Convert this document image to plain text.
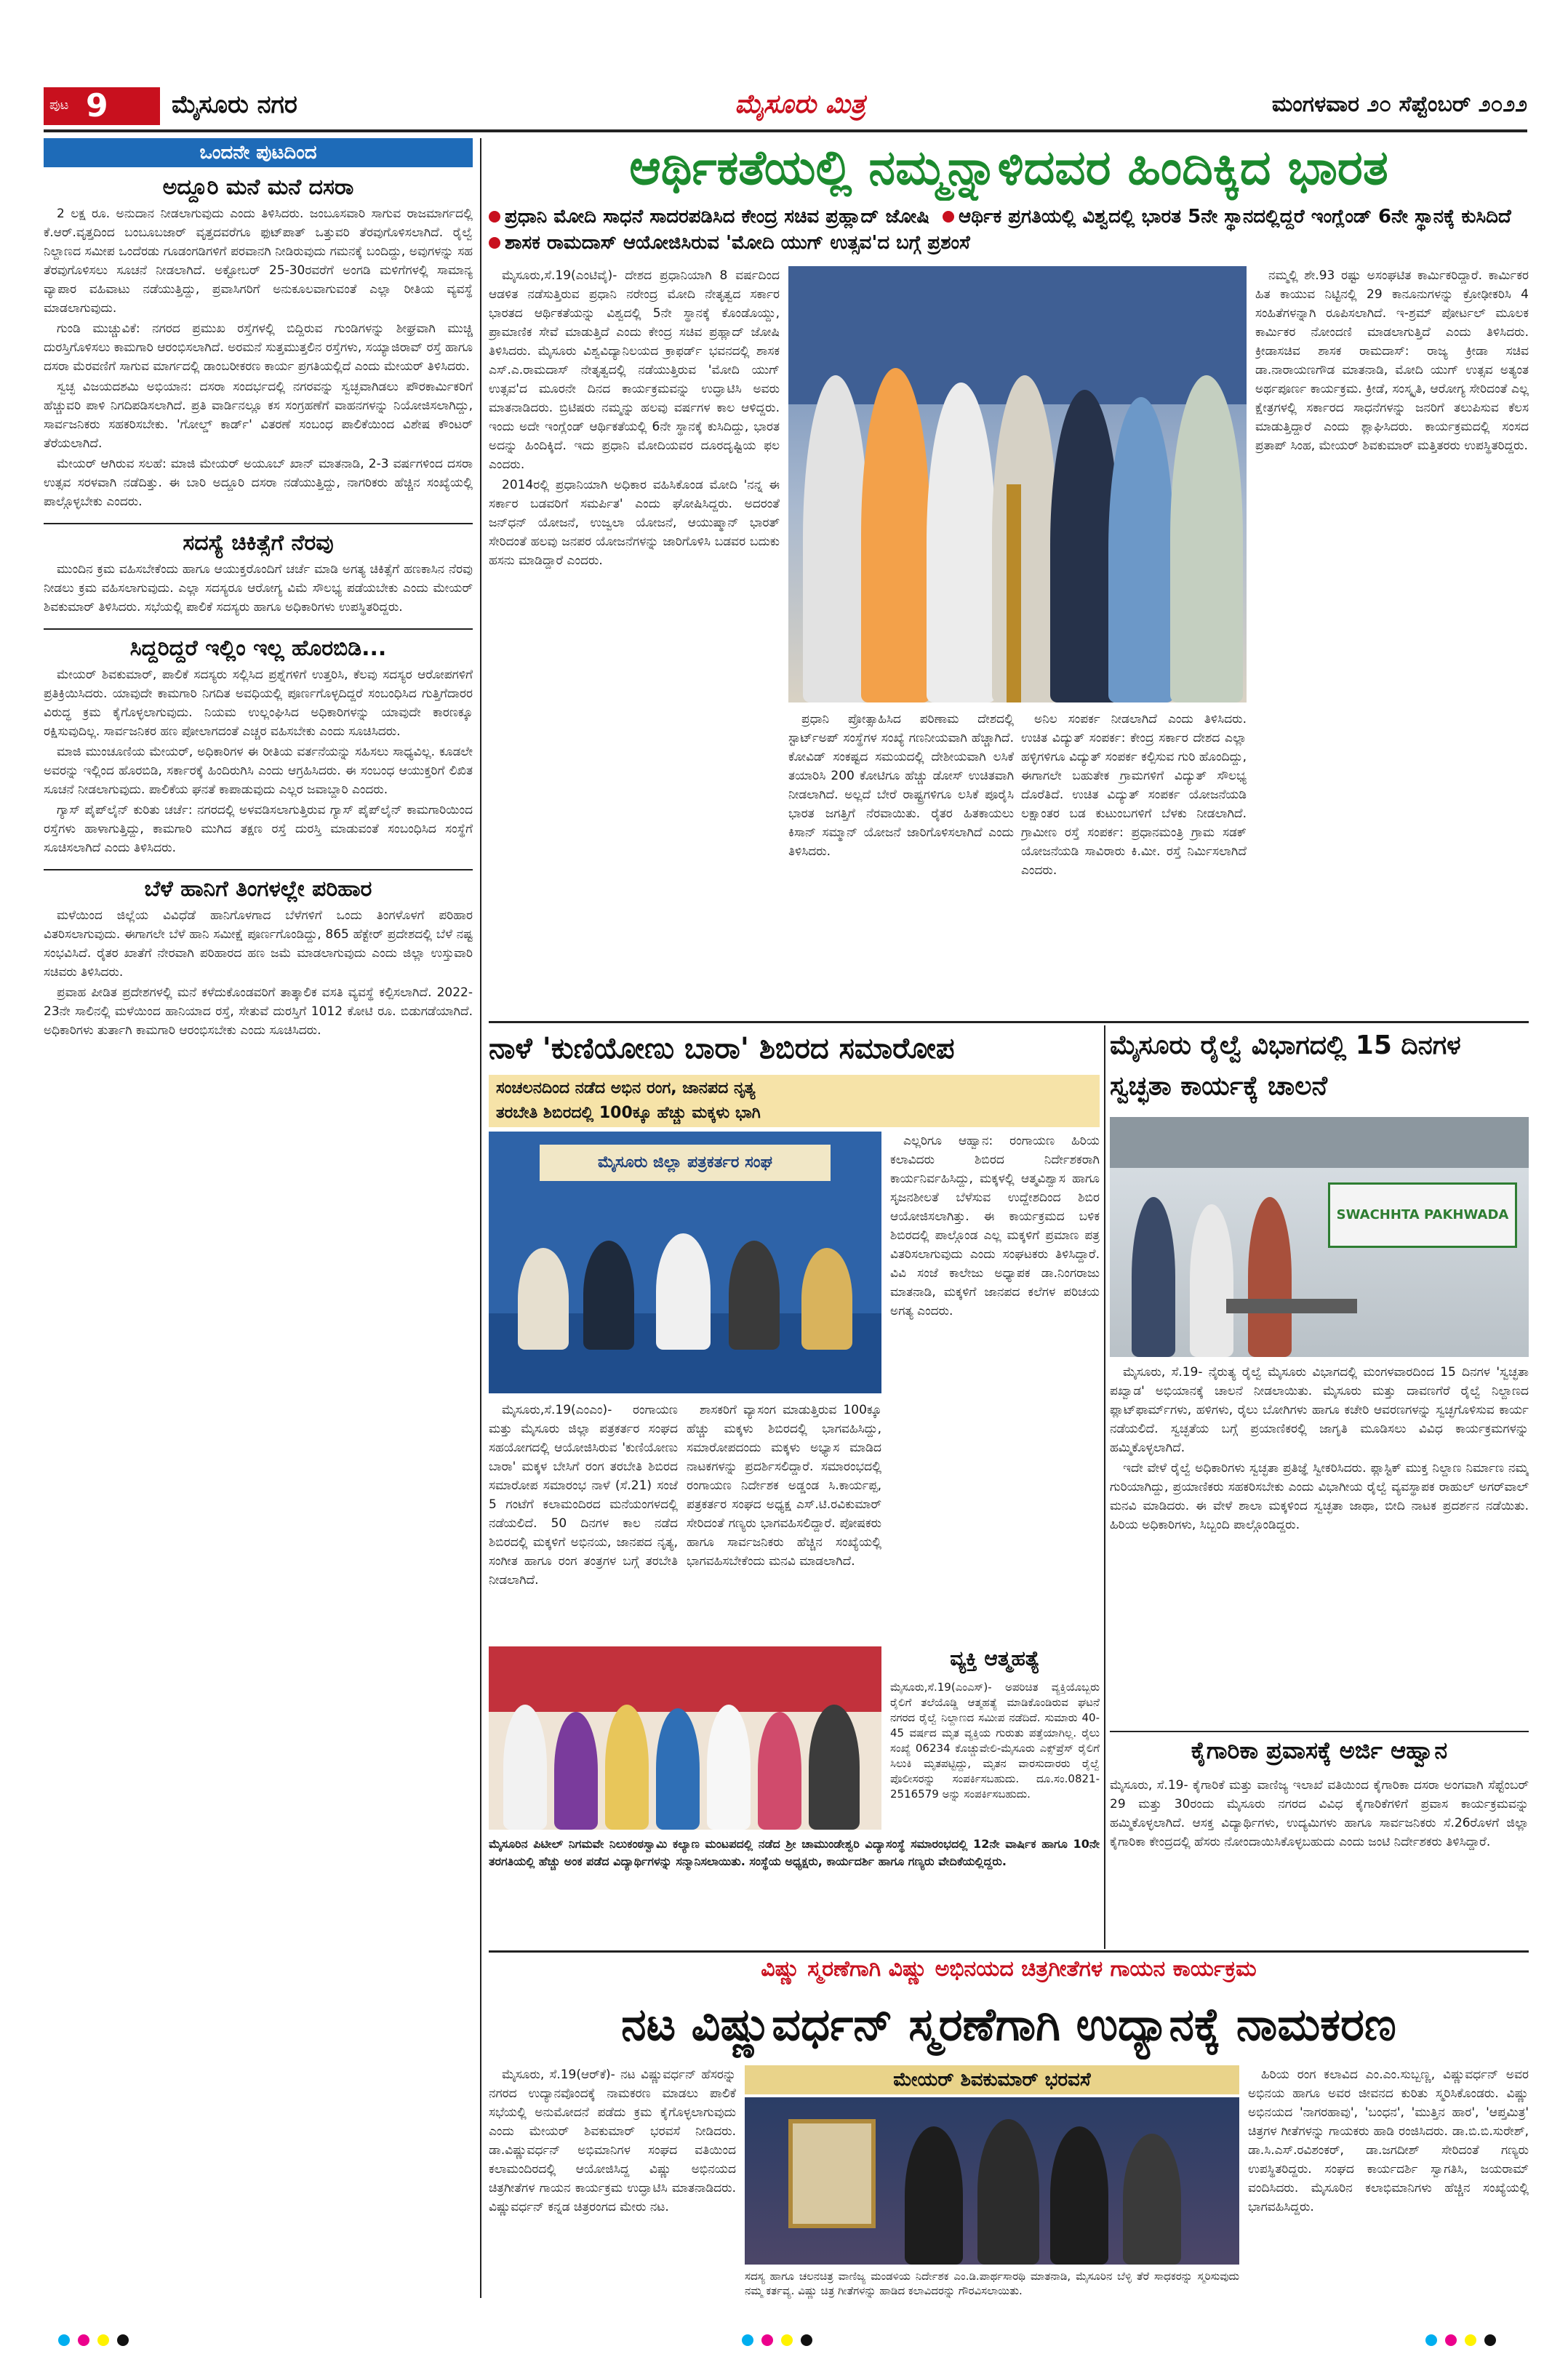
ಪುಟ 9	ಮೈಸೂರು ನಗರ	ಮೈಸೂರು ಮಿತ್ರ	ಮಂಗಳವಾರ ೨೦ ಸೆಪ್ಟೆಂಬರ್ ೨೦೨೨
ಒಂದನೇ ಪುಟದಿಂದ
ಅದ್ದೂರಿ ಮನೆ ಮನೆ ದಸರಾ

2 ಲಕ್ಷ ರೂ. ಅನುದಾನ ನೀಡಲಾಗುವುದು ಎಂದು ತಿಳಿಸಿದರು. ಜಂಬೂಸವಾರಿ ಸಾಗುವ ರಾಜಮಾರ್ಗದಲ್ಲಿ ಕೆ.ಆರ್.ವೃತ್ತದಿಂದ ಬಂಬೂಬಜಾರ್ ವೃತ್ತದವರೆಗೂ ಫುಟ್‌ಪಾತ್ ಒತ್ತುವರಿ ತೆರವುಗೊಳಿಸಲಾಗಿದೆ. ರೈಲ್ವೆ ನಿಲ್ದಾಣದ ಸಮೀಪ ಒಂದೆರಡು ಗೂಡಂಗಡಿಗಳಿಗೆ ಪರವಾನಗಿ ನೀಡಿರುವುದು ಗಮನಕ್ಕೆ ಬಂದಿದ್ದು, ಅವುಗಳನ್ನು ಸಹ ತೆರವುಗೊಳಿಸಲು ಸೂಚನೆ ನೀಡಲಾಗಿದೆ. ಅಕ್ಟೋಬರ್ 25-30ರವರೆಗೆ ಅಂಗಡಿ ಮಳಿಗೆಗಳಲ್ಲಿ ಸಾಮಾನ್ಯ ವ್ಯಾಪಾರ ವಹಿವಾಟು ನಡೆಯುತ್ತಿದ್ದು, ಪ್ರವಾಸಿಗರಿಗೆ ಅನುಕೂಲವಾಗುವಂತೆ ಎಲ್ಲಾ ರೀತಿಯ ವ್ಯವಸ್ಥೆ ಮಾಡಲಾಗುವುದು.

ಗುಂಡಿ ಮುಚ್ಚುವಿಕೆ: ನಗರದ ಪ್ರಮುಖ ರಸ್ತೆಗಳಲ್ಲಿ ಬಿದ್ದಿರುವ ಗುಂಡಿಗಳನ್ನು ಶೀಘ್ರವಾಗಿ ಮುಚ್ಚಿ ದುರಸ್ತಿಗೊಳಿಸಲು ಕಾಮಗಾರಿ ಆರಂಭಿಸಲಾಗಿದೆ. ಅರಮನೆ ಸುತ್ತಮುತ್ತಲಿನ ರಸ್ತೆಗಳು, ಸಯ್ಯಾಜಿರಾವ್ ರಸ್ತೆ ಹಾಗೂ ದಸರಾ ಮೆರವಣಿಗೆ ಸಾಗುವ ಮಾರ್ಗದಲ್ಲಿ ಡಾಂಬರೀಕರಣ ಕಾರ್ಯ ಪ್ರಗತಿಯಲ್ಲಿದೆ ಎಂದು ಮೇಯರ್ ತಿಳಿಸಿದರು.

ಸ್ವಚ್ಛ ವಿಜಯದಶಮಿ ಅಭಿಯಾನ: ದಸರಾ ಸಂದರ್ಭದಲ್ಲಿ ನಗರವನ್ನು ಸ್ವಚ್ಛವಾಗಿಡಲು ಪೌರಕಾರ್ಮಿಕರಿಗೆ ಹೆಚ್ಚುವರಿ ಪಾಳಿ ನಿಗದಿಪಡಿಸಲಾಗಿದೆ. ಪ್ರತಿ ವಾರ್ಡಿನಲ್ಲೂ ಕಸ ಸಂಗ್ರಹಣೆಗೆ ವಾಹನಗಳನ್ನು ನಿಯೋಜಿಸಲಾಗಿದ್ದು, ಸಾರ್ವಜನಿಕರು ಸಹಕರಿಸಬೇಕು. 'ಗೋಲ್ಡ್ ಕಾರ್ಡ್' ವಿತರಣೆ ಸಂಬಂಧ ಪಾಲಿಕೆಯಿಂದ ವಿಶೇಷ ಕೌಂಟರ್ ತೆರೆಯಲಾಗಿದೆ.

ಮೇಯರ್ ಆಗಿರುವ ಸಲಹೆ: ಮಾಜಿ ಮೇಯರ್ ಅಯೂಬ್ ಖಾನ್ ಮಾತನಾಡಿ, 2-3 ವರ್ಷಗಳಿಂದ ದಸರಾ ಉತ್ಸವ ಸರಳವಾಗಿ ನಡೆದಿತ್ತು. ಈ ಬಾರಿ ಅದ್ದೂರಿ ದಸರಾ ನಡೆಯುತ್ತಿದ್ದು, ನಾಗರಿಕರು ಹೆಚ್ಚಿನ ಸಂಖ್ಯೆಯಲ್ಲಿ ಪಾಲ್ಗೊಳ್ಳಬೇಕು ಎಂದರು.

ಸದಸ್ಯೆ ಚಿಕಿತ್ಸೆಗೆ ನೆರವು

ಮುಂದಿನ ಕ್ರಮ ವಹಿಸಬೇಕೆಂದು ಹಾಗೂ ಆಯುಕ್ತರೊಂದಿಗೆ ಚರ್ಚೆ ಮಾಡಿ ಅಗತ್ಯ ಚಿಕಿತ್ಸೆಗೆ ಹಣಕಾಸಿನ ನೆರವು ನೀಡಲು ಕ್ರಮ ವಹಿಸಲಾಗುವುದು. ಎಲ್ಲಾ ಸದಸ್ಯರೂ ಆರೋಗ್ಯ ವಿಮೆ ಸೌಲಭ್ಯ ಪಡೆಯಬೇಕು ಎಂದು ಮೇಯರ್ ಶಿವಕುಮಾರ್ ತಿಳಿಸಿದರು. ಸಭೆಯಲ್ಲಿ ಪಾಲಿಕೆ ಸದಸ್ಯರು ಹಾಗೂ ಅಧಿಕಾರಿಗಳು ಉಪಸ್ಥಿತರಿದ್ದರು.

ಸಿದ್ದರಿದ್ದರೆ ಇಲ್ಲಿಂ ಇಲ್ಲ ಹೊರಬಿಡಿ...

ಮೇಯರ್ ಶಿವಕುಮಾರ್, ಪಾಲಿಕೆ ಸದಸ್ಯರು ಸಲ್ಲಿಸಿದ ಪ್ರಶ್ನೆಗಳಿಗೆ ಉತ್ತರಿಸಿ, ಕೆಲವು ಸದಸ್ಯರ ಆರೋಪಗಳಿಗೆ ಪ್ರತಿಕ್ರಿಯಿಸಿದರು. ಯಾವುದೇ ಕಾಮಗಾರಿ ನಿಗದಿತ ಅವಧಿಯಲ್ಲಿ ಪೂರ್ಣಗೊಳ್ಳದಿದ್ದರೆ ಸಂಬಂಧಿಸಿದ ಗುತ್ತಿಗೆದಾರರ ವಿರುದ್ಧ ಕ್ರಮ ಕೈಗೊಳ್ಳಲಾಗುವುದು. ನಿಯಮ ಉಲ್ಲಂಘಿಸಿದ ಅಧಿಕಾರಿಗಳನ್ನು ಯಾವುದೇ ಕಾರಣಕ್ಕೂ ರಕ್ಷಿಸುವುದಿಲ್ಲ. ಸಾರ್ವಜನಿಕರ ಹಣ ಪೋಲಾಗದಂತೆ ಎಚ್ಚರ ವಹಿಸಬೇಕು ಎಂದು ಸೂಚಿಸಿದರು.

ಮಾಜಿ ಮುಂಚೂಣಿಯ ಮೇಯರ್, ಅಧಿಕಾರಿಗಳ ಈ ರೀತಿಯ ವರ್ತನೆಯನ್ನು ಸಹಿಸಲು ಸಾಧ್ಯವಿಲ್ಲ. ಕೂಡಲೇ ಅವರನ್ನು ಇಲ್ಲಿಂದ ಹೊರಬಿಡಿ, ಸರ್ಕಾರಕ್ಕೆ ಹಿಂದಿರುಗಿಸಿ ಎಂದು ಆಗ್ರಹಿಸಿದರು. ಈ ಸಂಬಂಧ ಆಯುಕ್ತರಿಗೆ ಲಿಖಿತ ಸೂಚನೆ ನೀಡಲಾಗುವುದು. ಪಾಲಿಕೆಯ ಘನತೆ ಕಾಪಾಡುವುದು ಎಲ್ಲರ ಜವಾಬ್ದಾರಿ ಎಂದರು.

ಗ್ಯಾಸ್ ಪೈಪ್‌ಲೈನ್ ಕುರಿತು ಚರ್ಚೆ: ನಗರದಲ್ಲಿ ಅಳವಡಿಸಲಾಗುತ್ತಿರುವ ಗ್ಯಾಸ್ ಪೈಪ್‌ಲೈನ್ ಕಾಮಗಾರಿಯಿಂದ ರಸ್ತೆಗಳು ಹಾಳಾಗುತ್ತಿದ್ದು, ಕಾಮಗಾರಿ ಮುಗಿದ ತಕ್ಷಣ ರಸ್ತೆ ದುರಸ್ತಿ ಮಾಡುವಂತೆ ಸಂಬಂಧಿಸಿದ ಸಂಸ್ಥೆಗೆ ಸೂಚಿಸಲಾಗಿದೆ ಎಂದು ತಿಳಿಸಿದರು.

ಬೆಳೆ ಹಾನಿಗೆ ತಿಂಗಳಲ್ಲೇ ಪರಿಹಾರ

ಮಳೆಯಿಂದ ಜಿಲ್ಲೆಯ ವಿವಿಧೆಡೆ ಹಾನಿಗೊಳಗಾದ ಬೆಳೆಗಳಿಗೆ ಒಂದು ತಿಂಗಳೊಳಗೆ ಪರಿಹಾರ ವಿತರಿಸಲಾಗುವುದು. ಈಗಾಗಲೇ ಬೆಳೆ ಹಾನಿ ಸಮೀಕ್ಷೆ ಪೂರ್ಣಗೊಂಡಿದ್ದು, 865 ಹೆಕ್ಟೇರ್ ಪ್ರದೇಶದಲ್ಲಿ ಬೆಳೆ ನಷ್ಟ ಸಂಭವಿಸಿದೆ. ರೈತರ ಖಾತೆಗೆ ನೇರವಾಗಿ ಪರಿಹಾರದ ಹಣ ಜಮೆ ಮಾಡಲಾಗುವುದು ಎಂದು ಜಿಲ್ಲಾ ಉಸ್ತುವಾರಿ ಸಚಿವರು ತಿಳಿಸಿದರು.

ಪ್ರವಾಹ ಪೀಡಿತ ಪ್ರದೇಶಗಳಲ್ಲಿ ಮನೆ ಕಳೆದುಕೊಂಡವರಿಗೆ ತಾತ್ಕಾಲಿಕ ವಸತಿ ವ್ಯವಸ್ಥೆ ಕಲ್ಪಿಸಲಾಗಿದೆ. 2022-23ನೇ ಸಾಲಿನಲ್ಲಿ ಮಳೆಯಿಂದ ಹಾನಿಯಾದ ರಸ್ತೆ, ಸೇತುವೆ ದುರಸ್ತಿಗೆ 1012 ಕೋಟಿ ರೂ. ಬಿಡುಗಡೆಯಾಗಿದೆ. ಅಧಿಕಾರಿಗಳು ತುರ್ತಾಗಿ ಕಾಮಗಾರಿ ಆರಂಭಿಸಬೇಕು ಎಂದು ಸೂಚಿಸಿದರು.

ಆರ್ಥಿಕತೆಯಲ್ಲಿ ನಮ್ಮನ್ನಾಳಿದವರ ಹಿಂದಿಕ್ಕಿದ ಭಾರತ
ಪ್ರಧಾನಿ ಮೋದಿ ಸಾಧನೆ ಸಾದರಪಡಿಸಿದ ಕೇಂದ್ರ ಸಚಿವ ಪ್ರಹ್ಲಾದ್ ಜೋಷಿ ಆರ್ಥಿಕ ಪ್ರಗತಿಯಲ್ಲಿ ವಿಶ್ವದಲ್ಲಿ ಭಾರತ 5ನೇ ಸ್ಥಾನದಲ್ಲಿದ್ದರೆ ಇಂಗ್ಲೆಂಡ್ 6ನೇ ಸ್ಥಾನಕ್ಕೆ ಕುಸಿದಿದೆ  ಶಾಸಕ ರಾಮದಾಸ್ ಆಯೋಜಿಸಿರುವ 'ಮೋದಿ ಯುಗ್ ಉತ್ಸವ'ದ ಬಗ್ಗೆ ಪ್ರಶಂಸೆ

ಮೈಸೂರು,ಸೆ.19(ಎಂಟಿವೈ)- ದೇಶದ ಪ್ರಧಾನಿಯಾಗಿ 8 ವರ್ಷದಿಂದ ಆಡಳಿತ ನಡೆಸುತ್ತಿರುವ ಪ್ರಧಾನಿ ನರೇಂದ್ರ ಮೋದಿ ನೇತೃತ್ವದ ಸರ್ಕಾರ ಭಾರತದ ಆರ್ಥಿಕತೆಯನ್ನು ವಿಶ್ವದಲ್ಲಿ 5ನೇ ಸ್ಥಾನಕ್ಕೆ ಕೊಂಡೊಯ್ದು, ಪ್ರಾಮಾಣಿಕ ಸೇವೆ ಮಾಡುತ್ತಿದೆ ಎಂದು ಕೇಂದ್ರ ಸಚಿವ ಪ್ರಹ್ಲಾದ್ ಜೋಷಿ ತಿಳಿಸಿದರು. ಮೈಸೂರು ವಿಶ್ವವಿದ್ಯಾನಿಲಯದ ಕ್ರಾಫರ್ಡ್ ಭವನದಲ್ಲಿ ಶಾಸಕ ಎಸ್.ಎ.ರಾಮದಾಸ್ ನೇತೃತ್ವದಲ್ಲಿ ನಡೆಯುತ್ತಿರುವ 'ಮೋದಿ ಯುಗ್ ಉತ್ಸವ'ದ ಮೂರನೇ ದಿನದ ಕಾರ್ಯಕ್ರಮವನ್ನು ಉದ್ಘಾಟಿಸಿ ಅವರು ಮಾತನಾಡಿದರು. ಬ್ರಿಟಿಷರು ನಮ್ಮನ್ನು ಹಲವು ವರ್ಷಗಳ ಕಾಲ ಆಳಿದ್ದರು. ಇಂದು ಅದೇ ಇಂಗ್ಲೆಂಡ್ ಆರ್ಥಿಕತೆಯಲ್ಲಿ 6ನೇ ಸ್ಥಾನಕ್ಕೆ ಕುಸಿದಿದ್ದು, ಭಾರತ ಅದನ್ನು ಹಿಂದಿಕ್ಕಿದೆ. ಇದು ಪ್ರಧಾನಿ ಮೋದಿಯವರ ದೂರದೃಷ್ಟಿಯ ಫಲ ಎಂದರು.

2014ರಲ್ಲಿ ಪ್ರಧಾನಿಯಾಗಿ ಅಧಿಕಾರ ವಹಿಸಿಕೊಂಡ ಮೋದಿ 'ನನ್ನ ಈ ಸರ್ಕಾರ ಬಡವರಿಗೆ ಸಮರ್ಪಿತ' ಎಂದು ಘೋಷಿಸಿದ್ದರು. ಅದರಂತೆ ಜನ್‌ಧನ್ ಯೋಜನೆ, ಉಜ್ವಲಾ ಯೋಜನೆ, ಆಯುಷ್ಮಾನ್ ಭಾರತ್ ಸೇರಿದಂತೆ ಹಲವು ಜನಪರ ಯೋಜನೆಗಳನ್ನು ಜಾರಿಗೊಳಿಸಿ ಬಡವರ ಬದುಕು ಹಸನು ಮಾಡಿದ್ದಾರೆ ಎಂದರು.

ಪ್ರಧಾನಿ ಪ್ರೋತ್ಸಾಹಿಸಿದ ಪರಿಣಾಮ ದೇಶದಲ್ಲಿ ಸ್ಟಾರ್ಟ್‌ಅಪ್ ಸಂಸ್ಥೆಗಳ ಸಂಖ್ಯೆ ಗಣನೀಯವಾಗಿ ಹೆಚ್ಚಾಗಿದೆ. ಕೋವಿಡ್ ಸಂಕಷ್ಟದ ಸಮಯದಲ್ಲಿ ದೇಶೀಯವಾಗಿ ಲಸಿಕೆ ತಯಾರಿಸಿ 200 ಕೋಟಿಗೂ ಹೆಚ್ಚು ಡೋಸ್ ಉಚಿತವಾಗಿ ನೀಡಲಾಗಿದೆ. ಅಲ್ಲದೆ ಬೇರೆ ರಾಷ್ಟ್ರಗಳಿಗೂ ಲಸಿಕೆ ಪೂರೈಸಿ ಭಾರತ ಜಗತ್ತಿಗೆ ನೆರವಾಯಿತು. ರೈತರ ಹಿತಕಾಯಲು ಕಿಸಾನ್ ಸಮ್ಮಾನ್ ಯೋಜನೆ ಜಾರಿಗೊಳಿಸಲಾಗಿದೆ ಎಂದು ತಿಳಿಸಿದರು.

ಅನಿಲ ಸಂಪರ್ಕ ನೀಡಲಾಗಿದೆ ಎಂದು ತಿಳಿಸಿದರು. ಉಚಿತ ವಿದ್ಯುತ್ ಸಂಪರ್ಕ: ಕೇಂದ್ರ ಸರ್ಕಾರ ದೇಶದ ಎಲ್ಲಾ ಹಳ್ಳಿಗಳಿಗೂ ವಿದ್ಯುತ್ ಸಂಪರ್ಕ ಕಲ್ಪಿಸುವ ಗುರಿ ಹೊಂದಿದ್ದು, ಈಗಾಗಲೇ ಬಹುತೇಕ ಗ್ರಾಮಗಳಿಗೆ ವಿದ್ಯುತ್ ಸೌಲಭ್ಯ ದೊರೆತಿದೆ. ಉಚಿತ ವಿದ್ಯುತ್ ಸಂಪರ್ಕ ಯೋಜನೆಯಡಿ ಲಕ್ಷಾಂತರ ಬಡ ಕುಟುಂಬಗಳಿಗೆ ಬೆಳಕು ನೀಡಲಾಗಿದೆ. ಗ್ರಾಮೀಣ ರಸ್ತೆ ಸಂಪರ್ಕ: ಪ್ರಧಾನಮಂತ್ರಿ ಗ್ರಾಮ ಸಡಕ್ ಯೋಜನೆಯಡಿ ಸಾವಿರಾರು ಕಿ.ಮೀ. ರಸ್ತೆ ನಿರ್ಮಿಸಲಾಗಿದೆ ಎಂದರು.

ನಮ್ಮಲ್ಲಿ ಶೇ.93 ರಷ್ಟು ಅಸಂಘಟಿತ ಕಾರ್ಮಿಕರಿದ್ದಾರೆ. ಕಾರ್ಮಿಕರ ಹಿತ ಕಾಯುವ ನಿಟ್ಟಿನಲ್ಲಿ 29 ಕಾನೂನುಗಳನ್ನು ಕ್ರೋಢೀಕರಿಸಿ 4 ಸಂಹಿತೆಗಳನ್ನಾಗಿ ರೂಪಿಸಲಾಗಿದೆ. ಇ-ಶ್ರಮ್ ಪೋರ್ಟಲ್ ಮೂಲಕ ಕಾರ್ಮಿಕರ ನೋಂದಣಿ ಮಾಡಲಾಗುತ್ತಿದೆ ಎಂದು ತಿಳಿಸಿದರು. ಕ್ರೀಡಾಸಚಿವ ಶಾಸಕ ರಾಮದಾಸ್: ರಾಜ್ಯ ಕ್ರೀಡಾ ಸಚಿವ ಡಾ.ನಾರಾಯಣಗೌಡ ಮಾತನಾಡಿ, ಮೋದಿ ಯುಗ್ ಉತ್ಸವ ಅತ್ಯಂತ ಅರ್ಥಪೂರ್ಣ ಕಾರ್ಯಕ್ರಮ. ಕ್ರೀಡೆ, ಸಂಸ್ಕೃತಿ, ಆರೋಗ್ಯ ಸೇರಿದಂತೆ ಎಲ್ಲ ಕ್ಷೇತ್ರಗಳಲ್ಲಿ ಸರ್ಕಾರದ ಸಾಧನೆಗಳನ್ನು ಜನರಿಗೆ ತಲುಪಿಸುವ ಕೆಲಸ ಮಾಡುತ್ತಿದ್ದಾರೆ ಎಂದು ಶ್ಲಾಘಿಸಿದರು. ಕಾರ್ಯಕ್ರಮದಲ್ಲಿ ಸಂಸದ ಪ್ರತಾಪ್ ಸಿಂಹ, ಮೇಯರ್ ಶಿವಕುಮಾರ್ ಮತ್ತಿತರರು ಉಪಸ್ಥಿತರಿದ್ದರು.

ನಾಳೆ 'ಕುಣಿಯೋಣು ಬಾರಾ' ಶಿಬಿರದ ಸಮಾರೋಪ
ಸಂಚಲನದಿಂದ ನಡೆದ ಅಭಿನ ರಂಗ, ಜಾನಪದ ನೃತ್ಯ
ತರಬೇತಿ ಶಿಬಿರದಲ್ಲಿ 100ಕ್ಕೂ ಹೆಚ್ಚು ಮಕ್ಕಳು ಭಾಗಿ
ಮೈಸೂರು ಜಿಲ್ಲಾ ಪತ್ರಕರ್ತರ ಸಂಘ

ಮೈಸೂರು,ಸೆ.19(ಎಂಎಂ)- ರಂಗಾಯಣ ಮತ್ತು ಮೈಸೂರು ಜಿಲ್ಲಾ ಪತ್ರಕರ್ತರ ಸಂಘದ ಸಹಯೋಗದಲ್ಲಿ ಆಯೋಜಿಸಿರುವ 'ಕುಣಿಯೋಣು ಬಾರಾ' ಮಕ್ಕಳ ಬೇಸಿಗೆ ರಂಗ ತರಬೇತಿ ಶಿಬಿರದ ಸಮಾರೋಪ ಸಮಾರಂಭ ನಾಳೆ (ಸೆ.21) ಸಂಜೆ 5 ಗಂಟೆಗೆ ಕಲಾಮಂದಿರದ ಮನೆಯಂಗಳದಲ್ಲಿ ನಡೆಯಲಿದೆ. 50 ದಿನಗಳ ಕಾಲ ನಡೆದ ಶಿಬಿರದಲ್ಲಿ ಮಕ್ಕಳಿಗೆ ಅಭಿನಯ, ಜಾನಪದ ನೃತ್ಯ, ಸಂಗೀತ ಹಾಗೂ ರಂಗ ತಂತ್ರಗಳ ಬಗ್ಗೆ ತರಬೇತಿ ನೀಡಲಾಗಿದೆ.

ಶಾಸಕರಿಗೆ ವ್ಯಾಸಂಗ ಮಾಡುತ್ತಿರುವ 100ಕ್ಕೂ ಹೆಚ್ಚು ಮಕ್ಕಳು ಶಿಬಿರದಲ್ಲಿ ಭಾಗವಹಿಸಿದ್ದು, ಸಮಾರೋಪದಂದು ಮಕ್ಕಳು ಅಭ್ಯಾಸ ಮಾಡಿದ ನಾಟಕಗಳನ್ನು ಪ್ರದರ್ಶಿಸಲಿದ್ದಾರೆ. ಸಮಾರಂಭದಲ್ಲಿ ರಂಗಾಯಣ ನಿರ್ದೇಶಕ ಅಡ್ಡಂಡ ಸಿ.ಕಾರ್ಯಪ್ಪ, ಪತ್ರಕರ್ತರ ಸಂಘದ ಅಧ್ಯಕ್ಷ ಎಸ್.ಟಿ.ರವಿಕುಮಾರ್ ಸೇರಿದಂತೆ ಗಣ್ಯರು ಭಾಗವಹಿಸಲಿದ್ದಾರೆ. ಪೋಷಕರು ಹಾಗೂ ಸಾರ್ವಜನಿಕರು ಹೆಚ್ಚಿನ ಸಂಖ್ಯೆಯಲ್ಲಿ ಭಾಗವಹಿಸಬೇಕೆಂದು ಮನವಿ ಮಾಡಲಾಗಿದೆ.

ಎಲ್ಲರಿಗೂ ಆಹ್ವಾನ: ರಂಗಾಯಣ ಹಿರಿಯ ಕಲಾವಿದರು ಶಿಬಿರದ ನಿರ್ದೇಶಕರಾಗಿ ಕಾರ್ಯನಿರ್ವಹಿಸಿದ್ದು, ಮಕ್ಕಳಲ್ಲಿ ಆತ್ಮವಿಶ್ವಾಸ ಹಾಗೂ ಸೃಜನಶೀಲತೆ ಬೆಳೆಸುವ ಉದ್ದೇಶದಿಂದ ಶಿಬಿರ ಆಯೋಜಿಸಲಾಗಿತ್ತು. ಈ ಕಾರ್ಯಕ್ರಮದ ಬಳಿಕ ಶಿಬಿರದಲ್ಲಿ ಪಾಲ್ಗೊಂಡ ಎಲ್ಲ ಮಕ್ಕಳಿಗೆ ಪ್ರಮಾಣ ಪತ್ರ ವಿತರಿಸಲಾಗುವುದು ಎಂದು ಸಂಘಟಕರು ತಿಳಿಸಿದ್ದಾರೆ. ವಿವಿ ಸಂಜೆ ಕಾಲೇಜು ಅಧ್ಯಾಪಕ ಡಾ.ನಿಂಗರಾಜು ಮಾತನಾಡಿ, ಮಕ್ಕಳಿಗೆ ಜಾನಪದ ಕಲೆಗಳ ಪರಿಚಯ ಅಗತ್ಯ ಎಂದರು.

ಮೈಸೂರಿನ ಪಿಟೀಲ್ ನಿಗಮವೇ ನಿಲುಕಂಠಸ್ವಾಮಿ ಕಲ್ಯಾಣ ಮಂಟಪದಲ್ಲಿ ನಡೆದ ಶ್ರೀ ಚಾಮುಂಡೇಶ್ವರಿ ವಿದ್ಯಾಸಂಸ್ಥೆ ಸಮಾರಂಭದಲ್ಲಿ 12ನೇ ವಾರ್ಷಿಕ ಹಾಗೂ 10ನೇ ತರಗತಿಯಲ್ಲಿ ಹೆಚ್ಚು ಅಂಕ ಪಡೆದ ವಿದ್ಯಾರ್ಥಿಗಳನ್ನು ಸನ್ಮಾನಿಸಲಾಯಿತು. ಸಂಸ್ಥೆಯ ಅಧ್ಯಕ್ಷರು, ಕಾರ್ಯದರ್ಶಿ ಹಾಗೂ ಗಣ್ಯರು ವೇದಿಕೆಯಲ್ಲಿದ್ದರು.
ವ್ಯಕ್ತಿ ಆತ್ಮಹತ್ಯೆ
ಮೈಸೂರು,ಸೆ.19(ಎಂಎಸ್)- ಅಪರಿಚಿತ ವ್ಯಕ್ತಿಯೊಬ್ಬರು ರೈಲಿಗೆ ತಲೆಯೊಡ್ಡಿ ಆತ್ಮಹತ್ಯೆ ಮಾಡಿಕೊಂಡಿರುವ ಘಟನೆ ನಗರದ ರೈಲ್ವೆ ನಿಲ್ದಾಣದ ಸಮೀಪ ನಡೆದಿದೆ. ಸುಮಾರು 40-45 ವರ್ಷದ ಮೃತ ವ್ಯಕ್ತಿಯ ಗುರುತು ಪತ್ತೆಯಾಗಿಲ್ಲ. ರೈಲು ಸಂಖ್ಯೆ 06234 ಕೊಚ್ಚುವೇಲಿ-ಮೈಸೂರು ಎಕ್ಸ್‌ಪ್ರೆಸ್ ರೈಲಿಗೆ ಸಿಲುಕಿ ಮೃತಪಟ್ಟಿದ್ದು, ಮೃತನ ವಾರಸುದಾರರು ರೈಲ್ವೆ ಪೊಲೀಸರನ್ನು ಸಂಪರ್ಕಿಸಬಹುದು. ದೂ.ಸಂ.0821-2516579 ಅನ್ನು ಸಂಪರ್ಕಿಸಬಹುದು.
ಮೈಸೂರು ರೈಲ್ವೆ ವಿಭಾಗದಲ್ಲಿ 15 ದಿನಗಳ ಸ್ವಚ್ಛತಾ ಕಾರ್ಯಕ್ಕೆ ಚಾಲನೆ
SWACHHTA PAKHWADA

ಮೈಸೂರು, ಸೆ.19- ನೈರುತ್ಯ ರೈಲ್ವೆ ಮೈಸೂರು ವಿಭಾಗದಲ್ಲಿ ಮಂಗಳವಾರದಿಂದ 15 ದಿನಗಳ 'ಸ್ವಚ್ಛತಾ ಪಖ್ವಾಡ' ಅಭಿಯಾನಕ್ಕೆ ಚಾಲನೆ ನೀಡಲಾಯಿತು. ಮೈಸೂರು ಮತ್ತು ದಾವಣಗೆರೆ ರೈಲ್ವೆ ನಿಲ್ದಾಣದ ಪ್ಲಾಟ್‌ಫಾರ್ಮ್‌ಗಳು, ಹಳಿಗಳು, ರೈಲು ಬೋಗಿಗಳು ಹಾಗೂ ಕಚೇರಿ ಆವರಣಗಳನ್ನು ಸ್ವಚ್ಛಗೊಳಿಸುವ ಕಾರ್ಯ ನಡೆಯಲಿದೆ. ಸ್ವಚ್ಛತೆಯ ಬಗ್ಗೆ ಪ್ರಯಾಣಿಕರಲ್ಲಿ ಜಾಗೃತಿ ಮೂಡಿಸಲು ವಿವಿಧ ಕಾರ್ಯಕ್ರಮಗಳನ್ನು ಹಮ್ಮಿಕೊಳ್ಳಲಾಗಿದೆ.

ಇದೇ ವೇಳೆ ರೈಲ್ವೆ ಅಧಿಕಾರಿಗಳು ಸ್ವಚ್ಛತಾ ಪ್ರತಿಜ್ಞೆ ಸ್ವೀಕರಿಸಿದರು. ಪ್ಲಾಸ್ಟಿಕ್ ಮುಕ್ತ ನಿಲ್ದಾಣ ನಿರ್ಮಾಣ ನಮ್ಮ ಗುರಿಯಾಗಿದ್ದು, ಪ್ರಯಾಣಿಕರು ಸಹಕರಿಸಬೇಕು ಎಂದು ವಿಭಾಗೀಯ ರೈಲ್ವೆ ವ್ಯವಸ್ಥಾಪಕ ರಾಹುಲ್ ಅಗರ್‌ವಾಲ್ ಮನವಿ ಮಾಡಿದರು. ಈ ವೇಳೆ ಶಾಲಾ ಮಕ್ಕಳಿಂದ ಸ್ವಚ್ಛತಾ ಜಾಥಾ, ಬೀದಿ ನಾಟಕ ಪ್ರದರ್ಶನ ನಡೆಯಿತು. ಹಿರಿಯ ಅಧಿಕಾರಿಗಳು, ಸಿಬ್ಬಂದಿ ಪಾಲ್ಗೊಂಡಿದ್ದರು.

ಕೈಗಾರಿಕಾ ಪ್ರವಾಸಕ್ಕೆ ಅರ್ಜಿ ಆಹ್ವಾನ
ಮೈಸೂರು, ಸೆ.19- ಕೈಗಾರಿಕೆ ಮತ್ತು ವಾಣಿಜ್ಯ ಇಲಾಖೆ ವತಿಯಿಂದ ಕೈಗಾರಿಕಾ ದಸರಾ ಅಂಗವಾಗಿ ಸೆಪ್ಟೆಂಬರ್ 29 ಮತ್ತು 30ರಂದು ಮೈಸೂರು ನಗರದ ವಿವಿಧ ಕೈಗಾರಿಕೆಗಳಿಗೆ ಪ್ರವಾಸ ಕಾರ್ಯಕ್ರಮವನ್ನು ಹಮ್ಮಿಕೊಳ್ಳಲಾಗಿದೆ. ಆಸಕ್ತ ವಿದ್ಯಾರ್ಥಿಗಳು, ಉದ್ಯಮಿಗಳು ಹಾಗೂ ಸಾರ್ವಜನಿಕರು ಸೆ.26ರೊಳಗೆ ಜಿಲ್ಲಾ ಕೈಗಾರಿಕಾ ಕೇಂದ್ರದಲ್ಲಿ ಹೆಸರು ನೋಂದಾಯಿಸಿಕೊಳ್ಳಬಹುದು ಎಂದು ಜಂಟಿ ನಿರ್ದೇಶಕರು ತಿಳಿಸಿದ್ದಾರೆ.
ವಿಷ್ಣು ಸ್ಮರಣೆಗಾಗಿ ವಿಷ್ಣು ಅಭಿನಯದ ಚಿತ್ರಗೀತೆಗಳ ಗಾಯನ ಕಾರ್ಯಕ್ರಮ
ನಟ ವಿಷ್ಣುವರ್ಧನ್ ಸ್ಮರಣೆಗಾಗಿ ಉದ್ಯಾನಕ್ಕೆ ನಾಮಕರಣ

ಮೈಸೂರು, ಸೆ.19(ಆರ್‌ಕೆ)- ನಟ ವಿಷ್ಣುವರ್ಧನ್ ಹೆಸರನ್ನು ನಗರದ ಉದ್ಯಾನವೊಂದಕ್ಕೆ ನಾಮಕರಣ ಮಾಡಲು ಪಾಲಿಕೆ ಸಭೆಯಲ್ಲಿ ಅನುಮೋದನೆ ಪಡೆದು ಕ್ರಮ ಕೈಗೊಳ್ಳಲಾಗುವುದು ಎಂದು ಮೇಯರ್ ಶಿವಕುಮಾರ್ ಭರವಸೆ ನೀಡಿದರು. ಡಾ.ವಿಷ್ಣುವರ್ಧನ್ ಅಭಿಮಾನಿಗಳ ಸಂಘದ ವತಿಯಿಂದ ಕಲಾಮಂದಿರದಲ್ಲಿ ಆಯೋಜಿಸಿದ್ದ ವಿಷ್ಣು ಅಭಿನಯದ ಚಿತ್ರಗೀತೆಗಳ ಗಾಯನ ಕಾರ್ಯಕ್ರಮ ಉದ್ಘಾಟಿಸಿ ಮಾತನಾಡಿದರು. ವಿಷ್ಣುವರ್ಧನ್ ಕನ್ನಡ ಚಿತ್ರರಂಗದ ಮೇರು ನಟ.

ಮೇಯರ್ ಶಿವಕುಮಾರ್ ಭರವಸೆ
ಸದಸ್ಯ ಹಾಗೂ ಚಲನಚಿತ್ರ ವಾಣಿಜ್ಯ ಮಂಡಳಿಯ ನಿರ್ದೇಶಕ ಎಂ.ಡಿ.ಪಾರ್ಥಸಾರಥಿ ಮಾತನಾಡಿ, ಮೈಸೂರಿನ ಬೆಳ್ಳಿ ತೆರೆ ಸಾಧಕರನ್ನು ಸ್ಮರಿಸುವುದು ನಮ್ಮ ಕರ್ತವ್ಯ. ವಿಷ್ಣು ಚಿತ್ರ ಗೀತೆಗಳನ್ನು ಹಾಡಿದ ಕಲಾವಿದರನ್ನು ಗೌರವಿಸಲಾಯಿತು.

ಹಿರಿಯ ರಂಗ ಕಲಾವಿದ ಎಂ.ಎಂ.ಸುಬ್ಬಣ್ಣ, ವಿಷ್ಣುವರ್ಧನ್ ಅವರ ಅಭಿನಯ ಹಾಗೂ ಅವರ ಜೀವನದ ಕುರಿತು ಸ್ಮರಿಸಿಕೊಂಡರು. ವಿಷ್ಣು ಅಭಿನಯದ 'ನಾಗರಹಾವು', 'ಬಂಧನ', 'ಮುತ್ತಿನ ಹಾರ', 'ಆಪ್ತಮಿತ್ರ' ಚಿತ್ರಗಳ ಗೀತೆಗಳನ್ನು ಗಾಯಕರು ಹಾಡಿ ರಂಜಿಸಿದರು. ಡಾ.ಬಿ.ಬಿ.ಸುರೇಶ್, ಡಾ.ಸಿ.ಎಸ್.ರವಿಶಂಕರ್, ಡಾ.ಜಗದೀಶ್ ಸೇರಿದಂತೆ ಗಣ್ಯರು ಉಪಸ್ಥಿತರಿದ್ದರು. ಸಂಘದ ಕಾರ್ಯದರ್ಶಿ ಸ್ವಾಗತಿಸಿ, ಜಯರಾಮ್ ವಂದಿಸಿದರು. ಮೈಸೂರಿನ ಕಲಾಭಿಮಾನಿಗಳು ಹೆಚ್ಚಿನ ಸಂಖ್ಯೆಯಲ್ಲಿ ಭಾಗವಹಿಸಿದ್ದರು.
